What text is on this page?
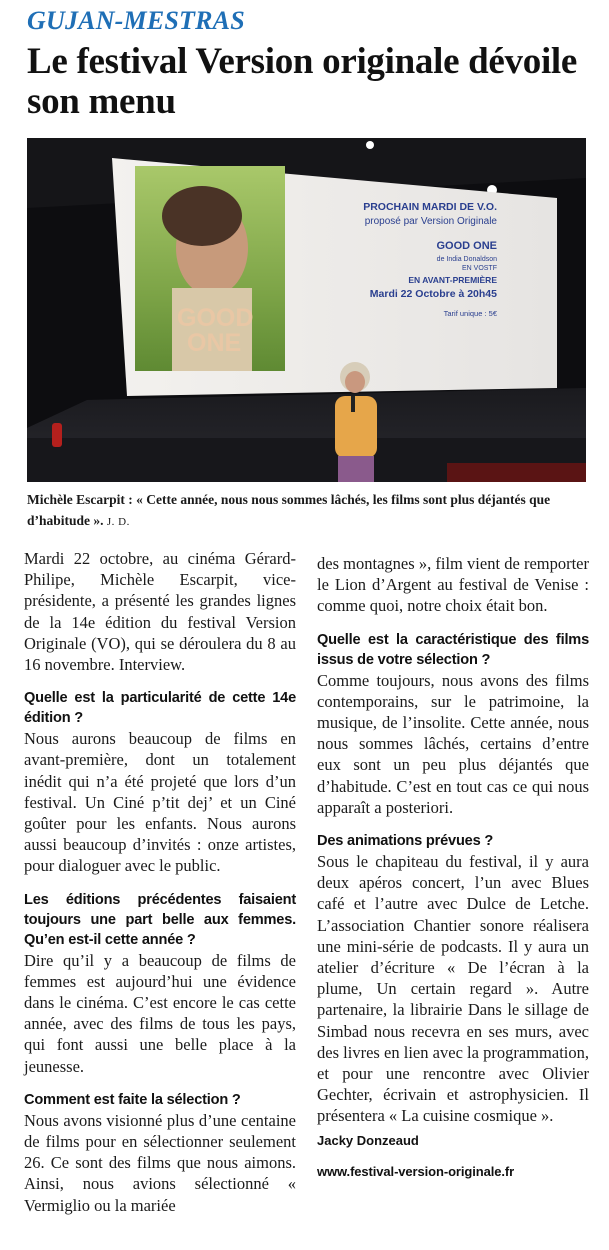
GUJAN-MESTRAS
Le festival Version originale dévoile son menu
GOOD
ONE
PROCHAIN MARDI DE V.O.
proposé par Version Originale
GOOD ONE
de India Donaldson
EN VOSTF
EN AVANT-PREMIÈRE
Mardi 22 Octobre à 20h45
Tarif unique : 5€
Michèle Escarpit : « Cette année, nous nous sommes lâchés, les films sont plus déjantés que d’habitude ». J. D.

Mardi 22 octobre, au cinéma Gérard-Philipe, Michèle Escarpit, vice-présidente, a présenté les grandes lignes de la 14e édition du festival Version Originale (VO), qui se déroulera du 8 au 16 novembre. Interview.

Quelle est la particularité de cette 14e édition ?

Nous aurons beaucoup de films en avant-première, dont un totalement inédit qui n’a été projeté que lors d’un festival. Un Ciné p’tit dej’ et un Ciné goûter pour les enfants. Nous aurons aussi beaucoup d’invités : onze artistes, pour dialoguer avec le public.

Les éditions précédentes faisaient toujours une part belle aux femmes. Qu’en est-il cette année ?

Dire qu’il y a beaucoup de films de femmes est aujourd’hui une évidence dans le cinéma. C’est encore le cas cette année, avec des films de tous les pays, qui font aussi une belle place à la jeunesse.

Comment est faite la sélection ?

Nous avons visionné plus d’une centaine de films pour en sélectionner seulement 26. Ce sont des films que nous aimons. Ainsi, nous avions sélectionné « Vermiglio ou la mariée

des montagnes », film vient de remporter le Lion d’Argent au festival de Venise : comme quoi, notre choix était bon.

Quelle est la caractéristique des films issus de votre sélection ?

Comme toujours, nous avons des films contemporains, sur le patrimoine, la musique, de l’insolite. Cette année, nous nous sommes lâchés, certains d’entre eux sont un peu plus déjantés que d’habitude. C’est en tout cas ce qui nous apparaît a posteriori.

Des animations prévues ?

Sous le chapiteau du festival, il y aura deux apéros concert, l’un avec Blues café et l’autre avec Dulce de Letche. L’association Chantier sonore réalisera une mini-série de podcasts. Il y aura un atelier d’écriture « De l’écran à la plume, Un certain regard ». Autre partenaire, la librairie Dans le sillage de Simbad nous recevra en ses murs, avec des livres en lien avec la programmation, et pour une rencontre avec Olivier Gechter, écrivain et astrophysicien. Il présentera « La cuisine cosmique ».

Jacky Donzeaud
www.festival-version-originale.fr
